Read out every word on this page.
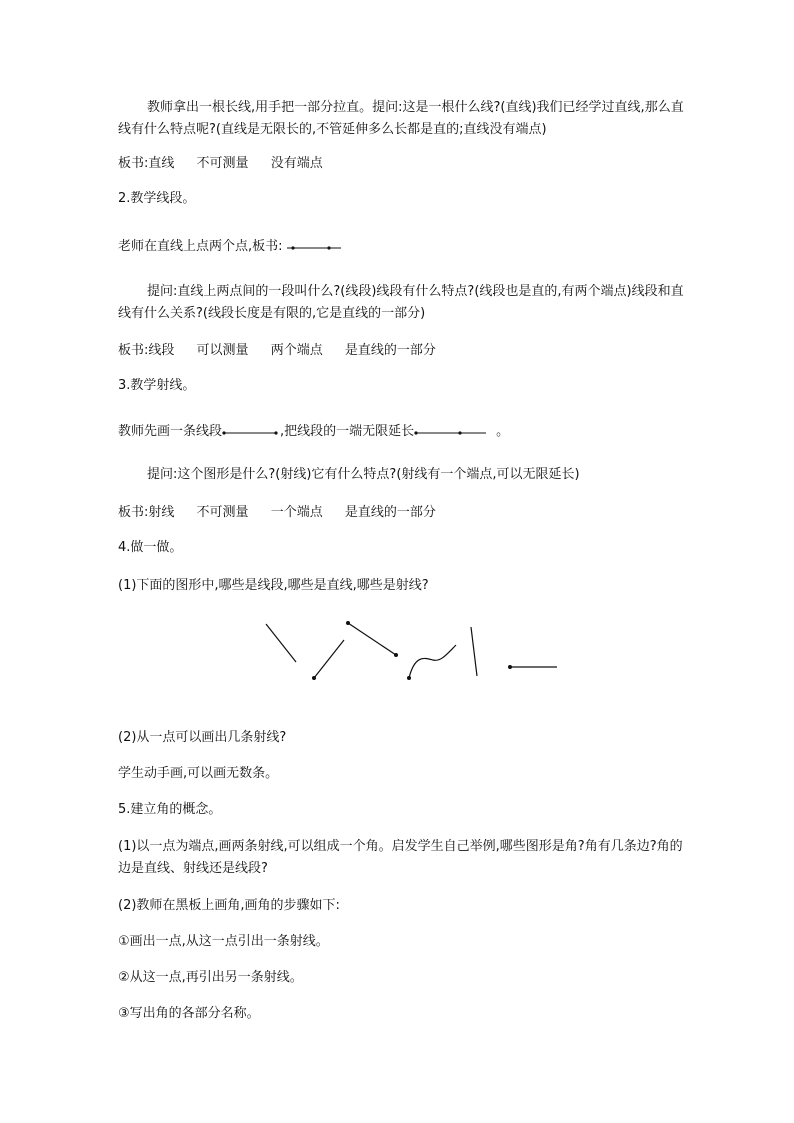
教师拿出一根长线,用手把一部分拉直。提问:这是一根什么线?(直线)我们已经学过直线,那么直线有什么特点呢?(直线是无限长的,不管延伸多么长都是直的;直线没有端点)
板书:直线 不可测量 没有端点
2.教学线段。
老师在直线上点两个点,板书:
提问:直线上两点间的一段叫什么?(线段)线段有什么特点?(线段也是直的,有两个端点)线段和直线有什么关系?(线段长度是有限的,它是直线的一部分)
板书:线段 可以测量 两个端点 是直线的一部分
3.教学射线。
教师先画一条线段	,把线段的一端无限延长	。
提问:这个图形是什么?(射线)它有什么特点?(射线有一个端点,可以无限延长)
板书:射线 不可测量 一个端点 是直线的一部分
4.做一做。
(1)下面的图形中,哪些是线段,哪些是直线,哪些是射线?
(2)从一点可以画出几条射线?
学生动手画,可以画无数条。
5.建立角的概念。
(1)以一点为端点,画两条射线,可以组成一个角。启发学生自己举例,哪些图形是角?角有几条边?角的边是直线、射线还是线段?
(2)教师在黑板上画角,画角的步骤如下:
①画出一点,从这一点引出一条射线。
②从这一点,再引出另一条射线。
③写出角的各部分名称。
